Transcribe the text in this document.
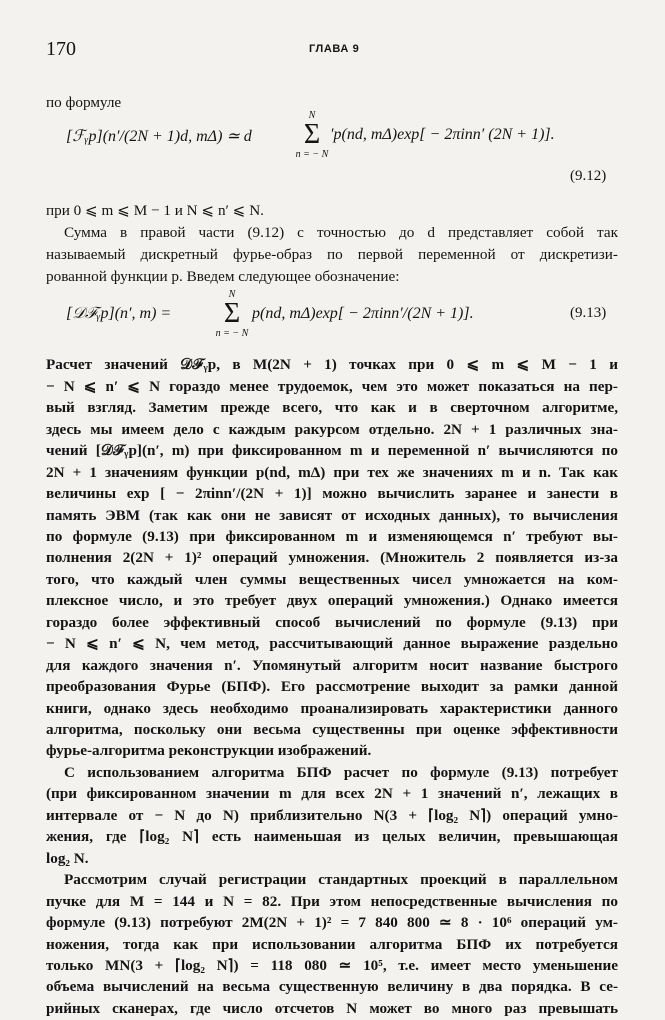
170	ГЛАВА 9
по формуле
[ℱᵧp](n′/(2N + 1)d, mΔ) ≃ d
N
Σ
n = − N
′p(nd, mΔ)exp[ − 2πinn′ (2N + 1)].
(9.12)
при 0 ⩽ m ⩽ M − 1 и N ⩽ n′ ⩽ N.
Сумма в правой части (9.12) с точностью до d представляет собой так
называемый дискретный фурье-образ по первой переменной от дискретизи-
рованной функции p. Введем следующее обозначение:
[𝒟ℱᵧp](n′, m) =
N
Σ
n = − N
p(nd, mΔ)exp[ − 2πinn′/(2N + 1)].	(9.13)
Расчет значений 𝒟ℱᵧp, в M(2N + 1) точках при 0 ⩽ m ⩽ M − 1 и
− N ⩽ n′ ⩽ N гораздо менее трудоемок, чем это может показаться на пер-
вый взгляд. Заметим прежде всего, что как и в сверточном алгоритме,
здесь мы имеем дело с каждым ракурсом отдельно. 2N + 1 различных зна-
чений [𝒟ℱᵧp](n′, m) при фиксированном m и переменной n′ вычисляются по
2N + 1 значениям функции p(nd, mΔ) при тех же значениях m и n. Так как
величины exp [ − 2πinn′/(2N + 1)] можно вычислить заранее и занести в
память ЭВМ (так как они не зависят от исходных данных), то вычисления
по формуле (9.13) при фиксированном m и изменяющемся n′ требуют вы-
полнения 2(2N + 1)² операций умножения. (Множитель 2 появляется из-за
того, что каждый член суммы вещественных чисел умножается на ком-
плексное число, и это требует двух операций умножения.) Однако имеется
гораздо более эффективный способ вычислений по формуле (9.13) при
− N ⩽ n′ ⩽ N, чем метод, рассчитывающий данное выражение раздельно
для каждого значения n′. Упомянутый алгоритм носит название быстрого
преобразования Фурье (БПФ). Его рассмотрение выходит за рамки данной
книги, однако здесь необходимо проанализировать характеристики данного
алгоритма, поскольку они весьма существенны при оценке эффективности
фурье-алгоритма реконструкции изображений.
С использованием алгоритма БПФ расчет по формуле (9.13) потребует
(при фиксированном значении m для всех 2N + 1 значений n′, лежащих в
интервале от − N до N) приблизительно N(3 + ⌈log₂ N⌉) операций умно-
жения, где ⌈log₂ N⌉ есть наименьшая из целых величин, превышающая
log₂ N.
Рассмотрим случай регистрации стандартных проекций в параллельном
пучке для M = 144 и N = 82. При этом непосредственные вычисления по
формуле (9.13) потребуют 2M(2N + 1)² = 7 840 800 ≃ 8 · 10⁶ операций ум-
ножения, тогда как при использовании алгоритма БПФ их потребуется
только MN(3 + ⌈log₂ N⌉) = 118 080 ≃ 10⁵, т.е. имеет место уменьшение
объема вычислений на весьма существенную величину в два порядка. В се-
рийных сканерах, где число отсчетов N может во много раз превышать
